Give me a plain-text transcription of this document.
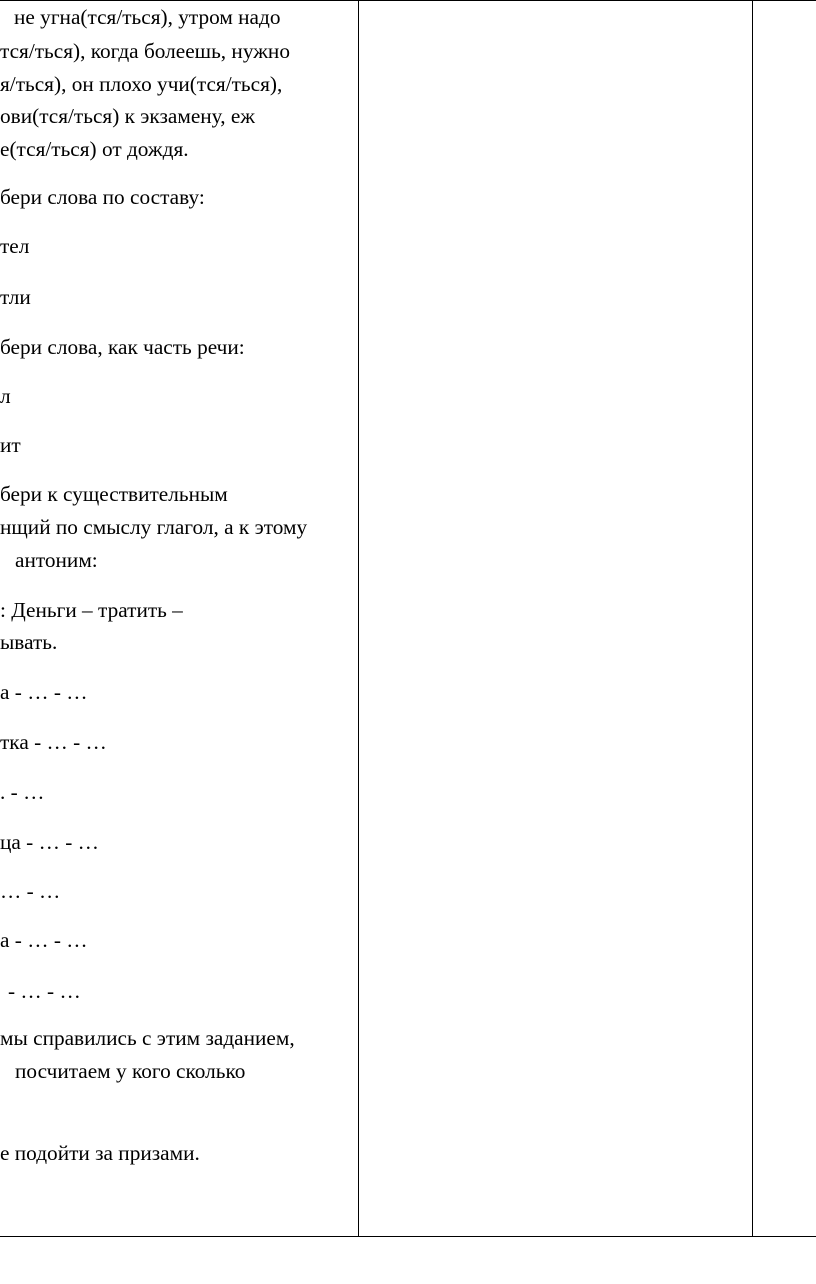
не угна(тся/ться), утром надо
тся/ться), когда болеешь, нужно
я/ться), он плохо учи(тся/ться),
ови(тся/ться) к экзамену, еж
е(тся/ться) от дождя.
бери слова по составу:
тел
тли
бери слова, как часть речи:
л
ит
бери к существительным
нщий по смыслу глагол, а к этому
антоним:
: Деньги – тратить –
ывать.
а - … - …
тка - … - …
. - …
ца - … - …
… - …
а - … - …
- … - …
мы справились с этим заданием,
посчитаем у кого сколько
е подойти за призами.
